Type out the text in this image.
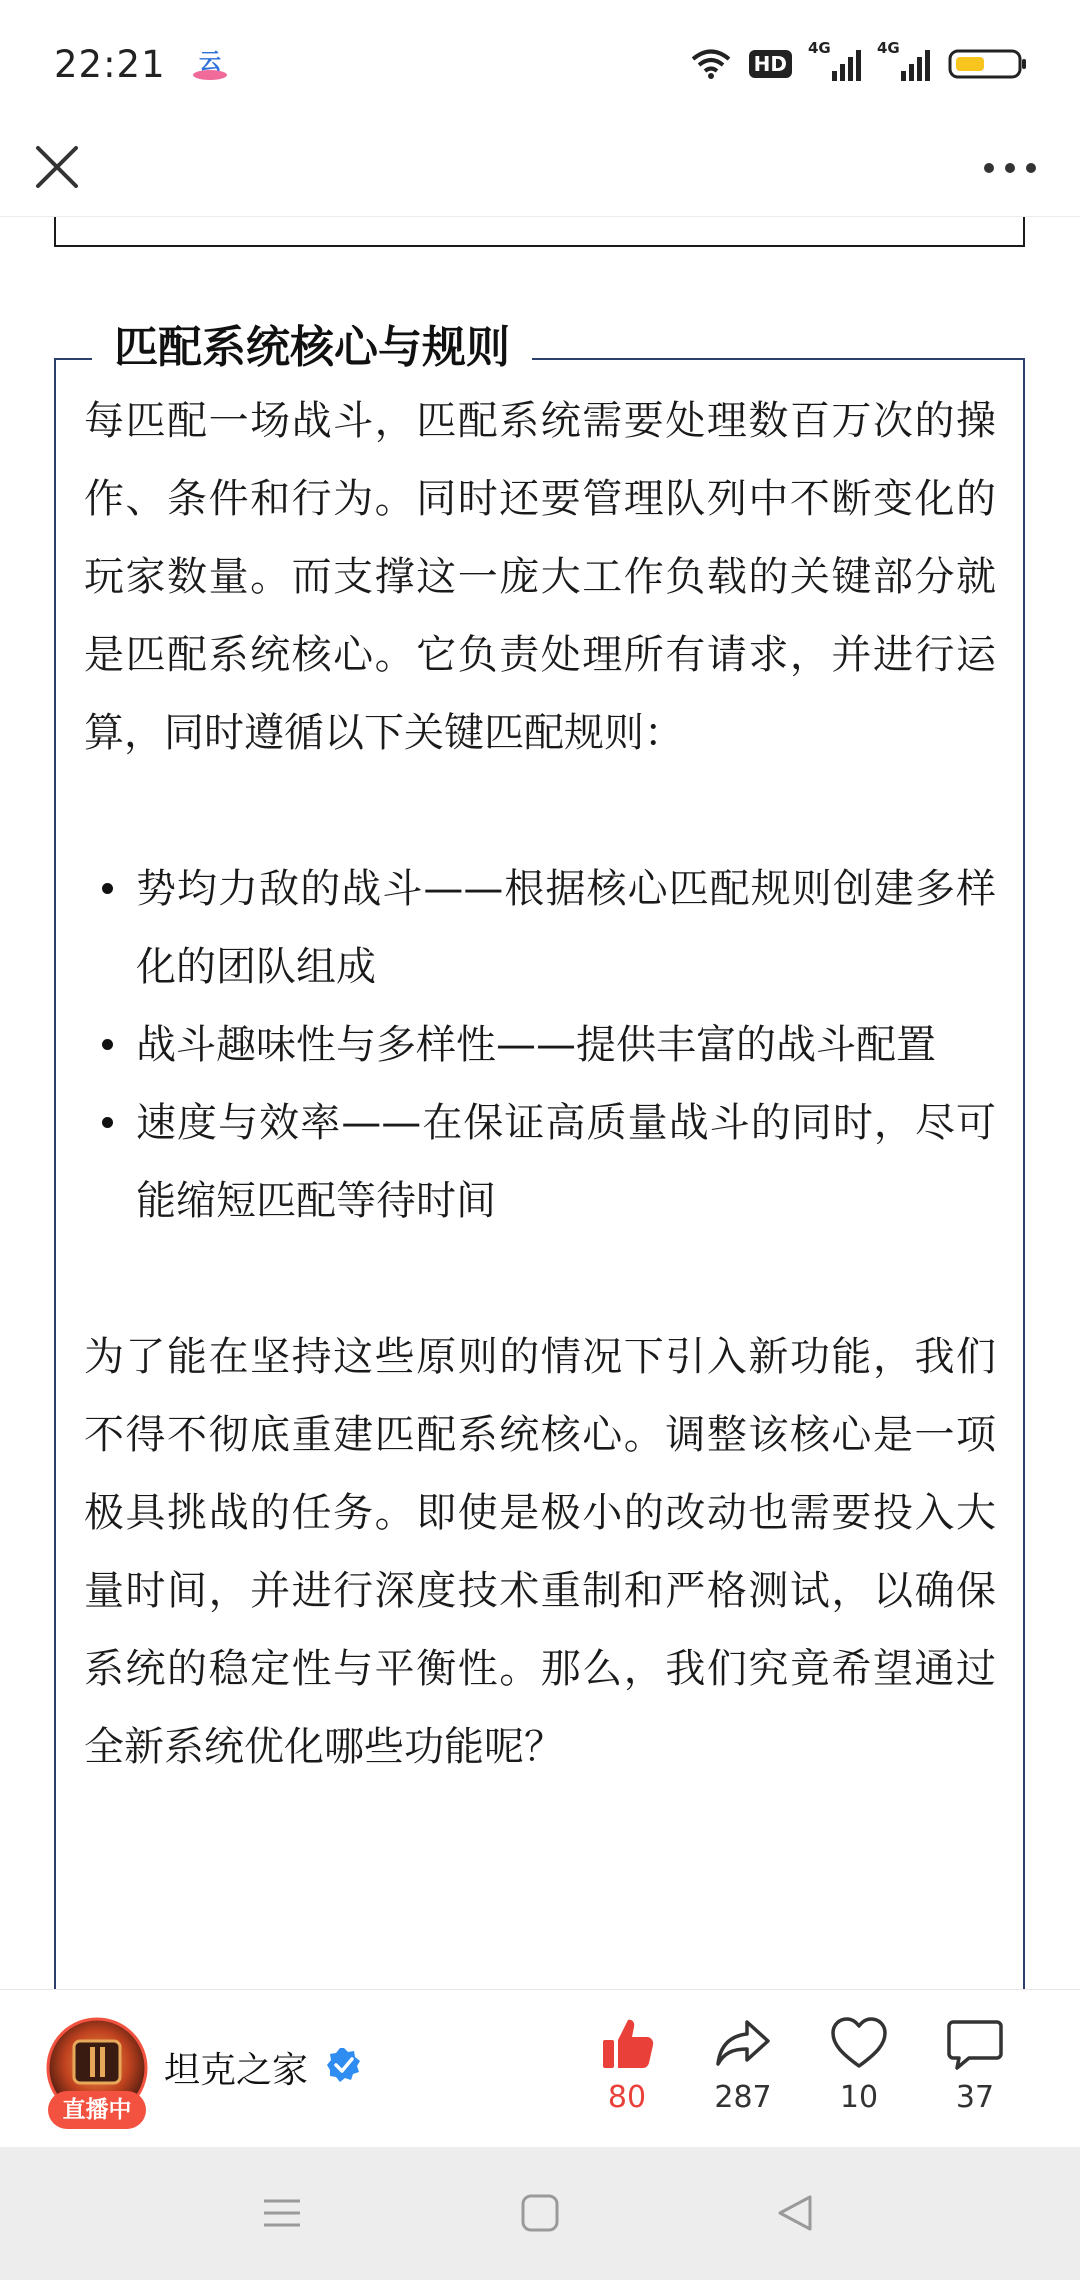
22:21 云	HD
4G	4G
匹配系统核心与规则

每匹配一场战斗，匹配系统需要处理数百万次的操作、条件和行为。同时还要管理队列中不断变化的玩家数量。而支撑这一庞大工作负载的关键部分就是匹配系统核心。它负责处理所有请求，并进行运算，同时遵循以下关键匹配规则：

势均力敌的战斗——根据核心匹配规则创建多样化的团队组成
战斗趣味性与多样性——提供丰富的战斗配置
速度与效率——在保证高质量战斗的同时，尽可能缩短匹配等待时间

为了能在坚持这些原则的情况下引入新功能，我们不得不彻底重建匹配系统核心。调整该核心是一项极具挑战的任务。即使是极小的改动也需要投入大量时间，并进行深度技术重制和严格测试，以确保系统的稳定性与平衡性。那么，我们究竟希望通过全新系统优化哪些功能呢？

直播中
坦克之家
80	287	10	37
